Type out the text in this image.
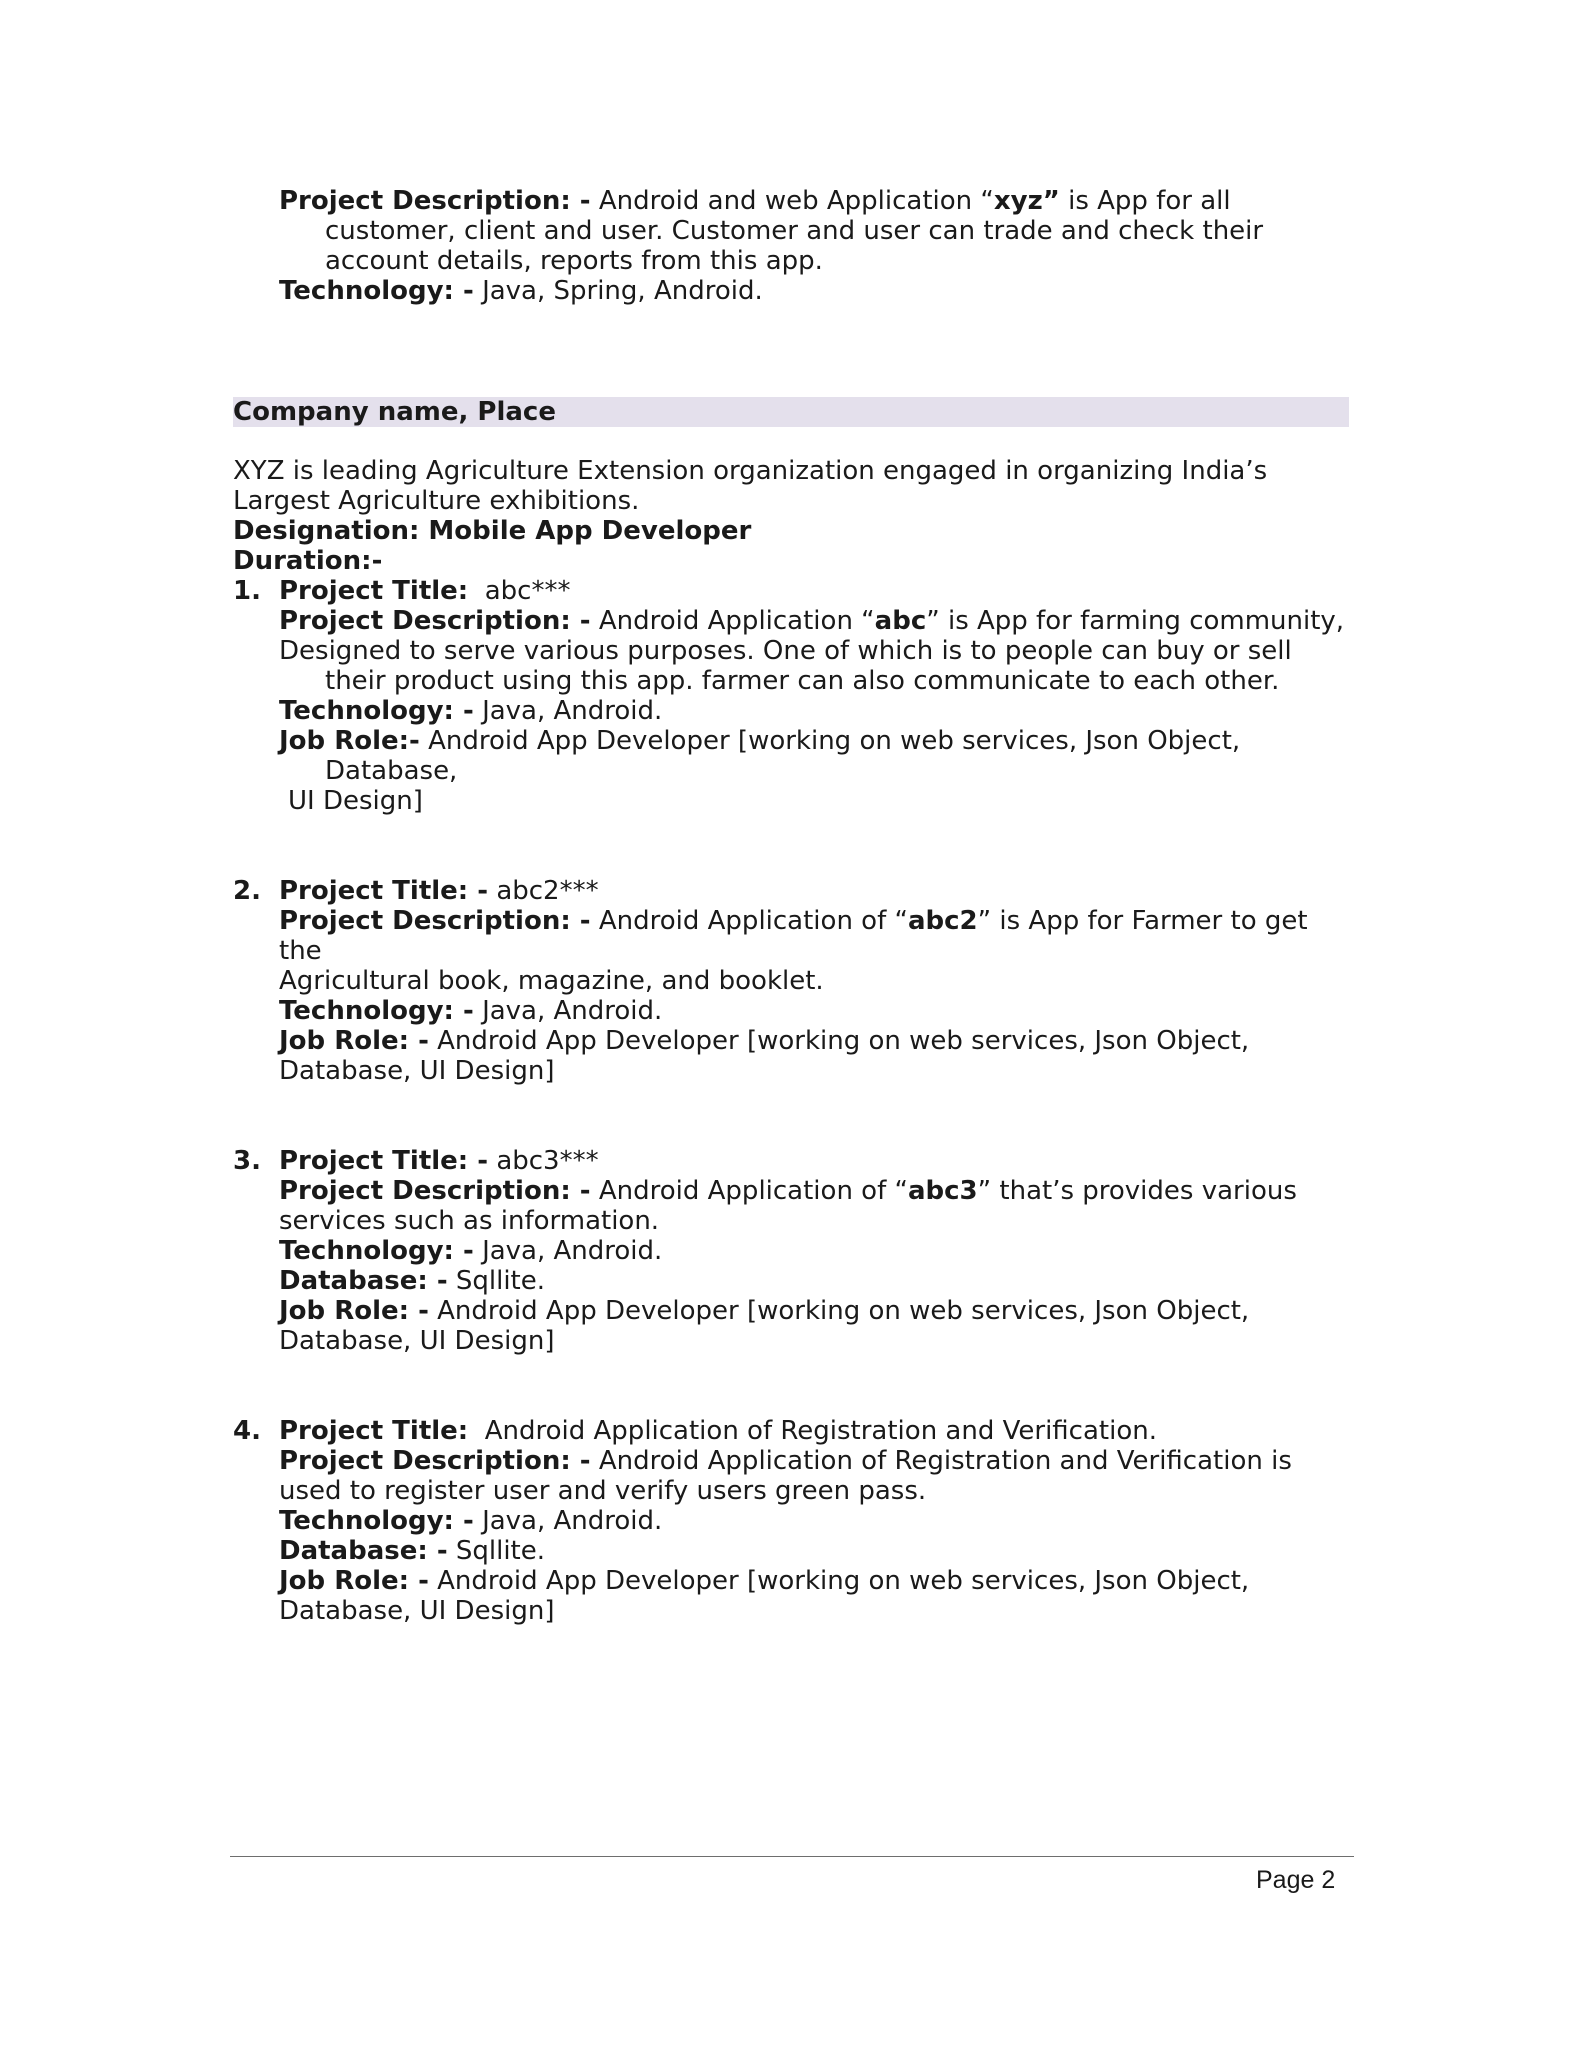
Project Description: - Android and web Application “xyz” is App for all
customer, client and user. Customer and user can trade and check their
account details, reports from this app.
Technology: - Java, Spring, Android.
Company name, Place
XYZ is leading Agriculture Extension organization engaged in organizing India’s
Largest Agriculture exhibitions.
Designation: Mobile App Developer
Duration:-
1. Project Title: abc***
Project Description: - Android Application “abc” is App for farming community,
Designed to serve various purposes. One of which is to people can buy or sell
their product using this app. farmer can also communicate to each other.
Technology: - Java, Android.
Job Role:- Android App Developer [working on web services, Json Object,
Database,
UI Design]
2. Project Title: - abc2***
Project Description: - Android Application of “abc2” is App for Farmer to get
the
Agricultural book, magazine, and booklet.
Technology: - Java, Android.
Job Role: - Android App Developer [working on web services, Json Object,
Database, UI Design]
3. Project Title: - abc3***
Project Description: - Android Application of “abc3” that’s provides various
services such as information.
Technology: - Java, Android.
Database: - Sqllite.
Job Role: - Android App Developer [working on web services, Json Object,
Database, UI Design]
4. Project Title: Android Application of Registration and Verification.
Project Description: - Android Application of Registration and Verification is
used to register user and verify users green pass.
Technology: - Java, Android.
Database: - Sqllite.
Job Role: - Android App Developer [working on web services, Json Object,
Database, UI Design]
Page 2
